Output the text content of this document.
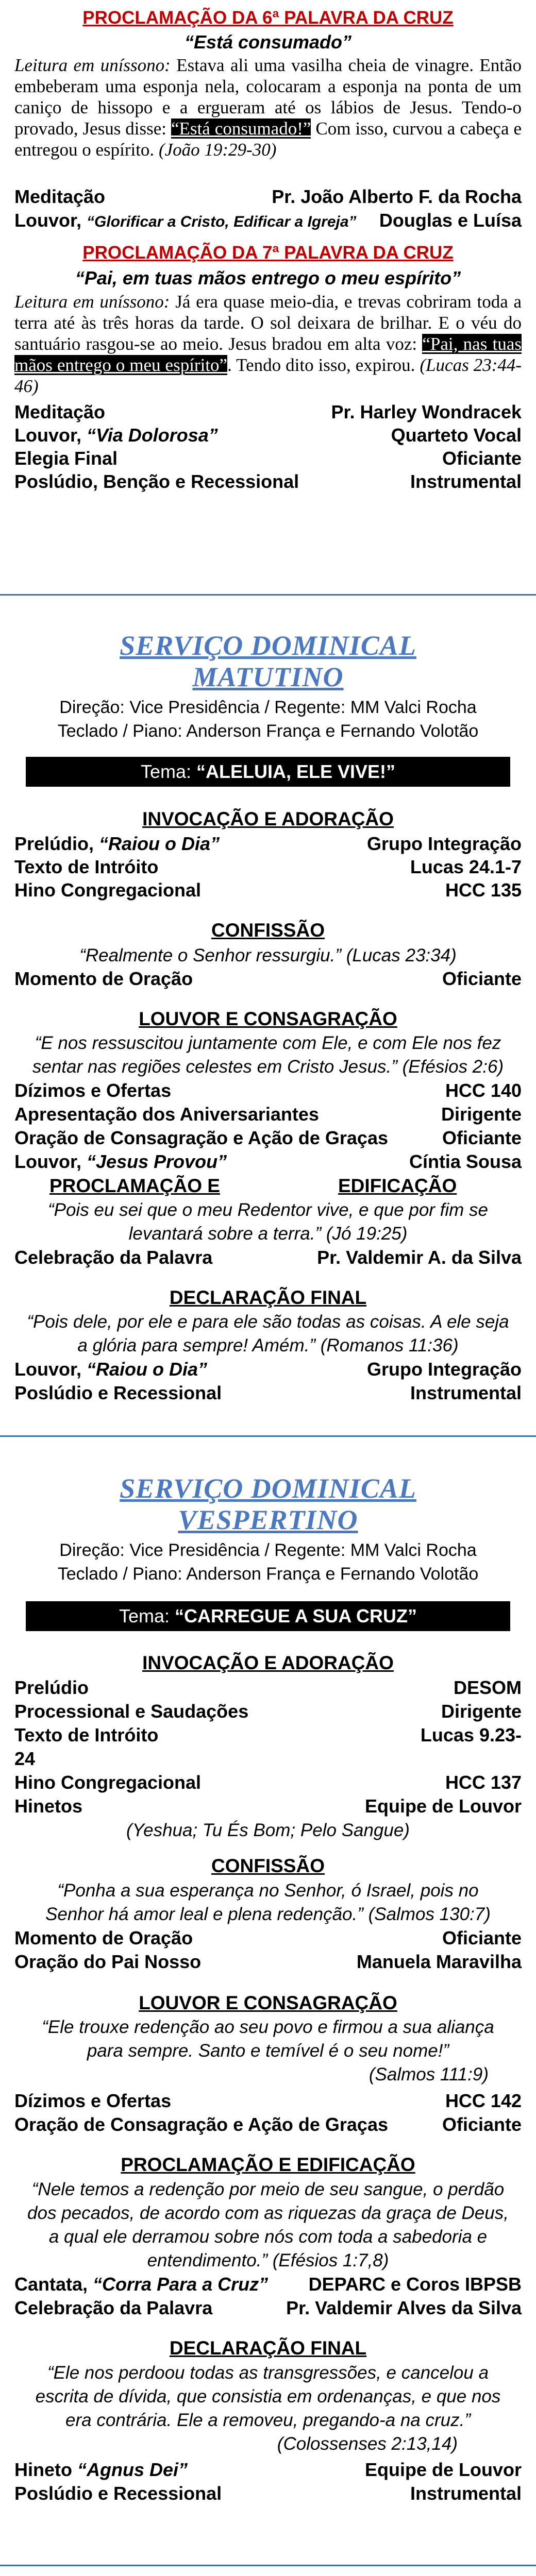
PROCLAMAÇÃO DA 6ª PALAVRA DA CRUZ
“Está consumado”
Leitura em uníssono: Estava ali uma vasilha cheia de vinagre. Então embeberam uma esponja nela, colocaram a esponja na ponta de um caniço de hissopo e a ergueram até os lábios de Jesus. Tendo-o provado, Jesus disse: “Está consumado!” Com isso, curvou a cabeça e entregou o espírito. (João 19:29-30)
Meditação	Pr. João Alberto F. da Rocha
Louvor, “Glorificar a Cristo, Edificar a Igreja” Douglas e Luísa
PROCLAMAÇÃO DA 7ª PALAVRA DA CRUZ
“Pai, em tuas mãos entrego o meu espírito”
Leitura em uníssono: Já era quase meio-dia, e trevas cobriram toda a terra até às três horas da tarde. O sol deixara de brilhar. E o véu do santuário rasgou-se ao meio. Jesus bradou em alta voz: “Pai, nas tuas mãos entrego o meu espírito”. Tendo dito isso, expirou. (Lucas 23:44-46)
Meditação	Pr. Harley Wondracek
Louvor, “Via Dolorosa”	Quarteto Vocal
Elegia Final	Oficiante
Poslúdio, Benção e Recessional	Instrumental
SERVIÇO DOMINICAL
MATUTINO
Direção: Vice Presidência / Regente: MM Valci Rocha
Teclado / Piano: Anderson França e Fernando Volotão
Tema: “ALELUIA, ELE VIVE!”
INVOCAÇÃO E ADORAÇÃO
Prelúdio, “Raiou o Dia”	Grupo Integração
Texto de Intróito	Lucas 24.1-7
Hino Congregacional	HCC 135
CONFISSÃO
“Realmente o Senhor ressurgiu.” (Lucas 23:34)
Momento de Oração	Oficiante
LOUVOR E CONSAGRAÇÃO
“E nos ressuscitou juntamente com Ele, e com Ele nos fez
sentar nas regiões celestes em Cristo Jesus.” (Efésios 2:6)
Dízimos e Ofertas	HCC 140
Apresentação dos Aniversariantes	Dirigente
Oração de Consagração e Ação de Graças	Oficiante
Louvor, “Jesus Provou”	Cíntia Sousa
PROCLAMAÇÃO E	EDIFICAÇÃO
“Pois eu sei que o meu Redentor vive, e que por fim se
levantará sobre a terra.” (Jó 19:25)
Celebração da Palavra	Pr. Valdemir A. da Silva
DECLARAÇÃO FINAL
“Pois dele, por ele e para ele são todas as coisas. A ele seja
a glória para sempre! Amém.” (Romanos 11:36)
Louvor, “Raiou o Dia”	Grupo Integração
Poslúdio e Recessional	Instrumental
SERVIÇO DOMINICAL
VESPERTINO
Direção: Vice Presidência / Regente: MM Valci Rocha
Teclado / Piano: Anderson França e Fernando Volotão
Tema: “CARREGUE A SUA CRUZ”
INVOCAÇÃO E ADORAÇÃO
Prelúdio	DESOM
Processional e Saudações	Dirigente
Texto de Intróito	Lucas 9.23-
24
Hino Congregacional	HCC 137
Hinetos	Equipe de Louvor
(Yeshua; Tu És Bom; Pelo Sangue)
CONFISSÃO
“Ponha a sua esperança no Senhor, ó Israel, pois no
Senhor há amor leal e plena redenção.” (Salmos 130:7)
Momento de Oração	Oficiante
Oração do Pai Nosso	Manuela Maravilha
LOUVOR E CONSAGRAÇÃO
“Ele trouxe redenção ao seu povo e firmou a sua aliança
para sempre. Santo e temível é o seu nome!”
(Salmos 111:9)
Dízimos e Ofertas	HCC 142
Oração de Consagração e Ação de Graças	Oficiante
PROCLAMAÇÃO E EDIFICAÇÃO
“Nele temos a redenção por meio de seu sangue, o perdão
dos pecados, de acordo com as riquezas da graça de Deus,
a qual ele derramou sobre nós com toda a sabedoria e
entendimento.” (Efésios 1:7,8)
Cantata, “Corra Para a Cruz” DEPARC e Coros IBPSB
Celebração da Palavra	Pr. Valdemir Alves da Silva
DECLARAÇÃO FINAL
“Ele nos perdoou todas as transgressões, e cancelou a
escrita de dívida, que consistia em ordenanças, e que nos
era contrária. Ele a removeu, pregando-a na cruz.”
(Colossenses 2:13,14)
Hineto “Agnus Dei”	Equipe de Louvor
Poslúdio e Recessional	Instrumental
